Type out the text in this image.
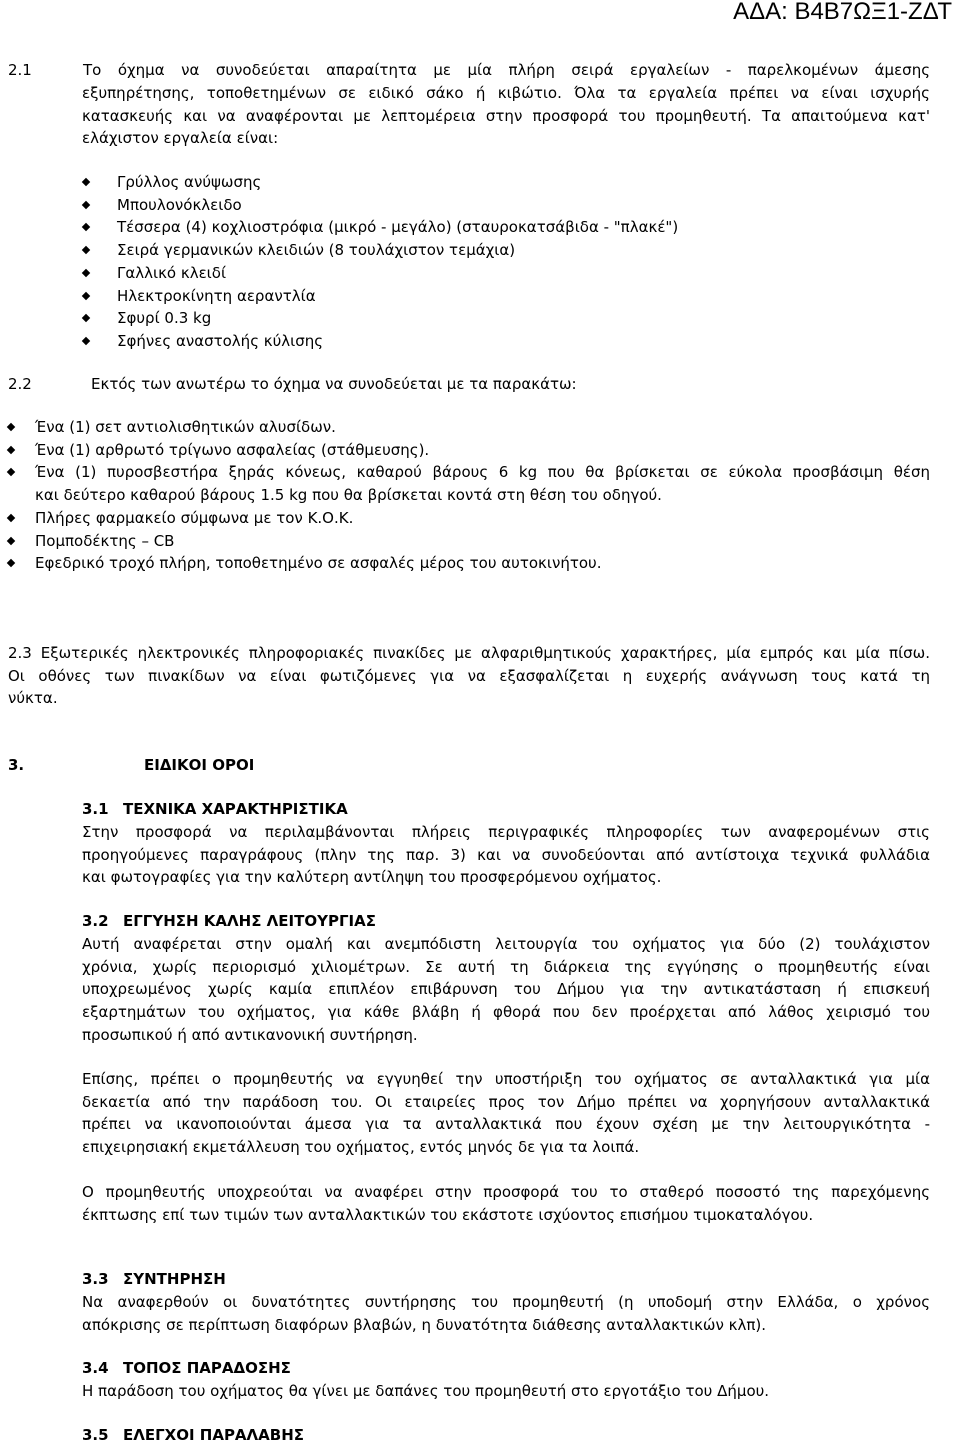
ΑΔΑ: Β4Β7ΩΞ1-ΖΔΤ
2.1	Το όχημα να συνοδεύεται απαραίτητα με μία πλήρη σειρά εργαλείων - παρελκομένων άμεσης
εξυπηρέτησης, τοποθετημένων σε ειδικό σάκο ή κιβώτιο. Όλα τα εργαλεία πρέπει να είναι ισχυρής
κατασκευής και να αναφέρονται με λεπτομέρεια στην προσφορά του προμηθευτή. Τα απαιτούμενα κατ'
ελάχιστον εργαλεία είναι:
Γρύλλος ανύψωσης
Μπουλονόκλειδο
Τέσσερα (4) κοχλιοστρόφια (μικρό - μεγάλο) (σταυροκατσάβιδα - "πλακέ")
Σειρά γερμανικών κλειδιών (8 τουλάχιστον τεμάχια)
Γαλλικό κλειδί
Ηλεκτροκίνητη αεραντλία
Σφυρί 0.3 kg
Σφήνες αναστολής κύλισης
2.2	Εκτός των ανωτέρω το όχημα να συνοδεύεται με τα παρακάτω:
Ένα (1) σετ αντιολισθητικών αλυσίδων.
Ένα (1) αρθρωτό τρίγωνο ασφαλείας (στάθμευσης).
Ένα (1) πυροσβεστήρα ξηράς κόνεως, καθαρού βάρους 6 kg που θα βρίσκεται σε εύκολα προσβάσιμη θέση
και δεύτερο καθαρού βάρους 1.5 kg που θα βρίσκεται κοντά στη θέση του οδηγού.
Πλήρες φαρμακείο σύμφωνα με τον Κ.Ο.Κ.
Πομποδέκτης – CB
Εφεδρικό τροχό πλήρη, τοποθετημένο σε ασφαλές μέρος του αυτοκινήτου.
2.3 Εξωτερικές ηλεκτρονικές πληροφοριακές πινακίδες με αλφαριθμητικούς χαρακτήρες, μία εμπρός και μία πίσω.
Οι οθόνες των πινακίδων να είναι φωτιζόμενες για να εξασφαλίζεται η ευχερής ανάγνωση τους κατά τη
νύκτα.
3.	ΕΙΔΙΚΟΙ ΟΡΟΙ
3.1 ΤΕΧΝΙΚΑ ΧΑΡΑΚΤΗΡΙΣΤΙΚΑ
Στην προσφορά να περιλαμβάνονται πλήρεις περιγραφικές πληροφορίες των αναφερομένων στις
προηγούμενες παραγράφους (πλην της παρ. 3) και να συνοδεύονται από αντίστοιχα τεχνικά φυλλάδια
και φωτογραφίες για την καλύτερη αντίληψη του προσφερόμενου οχήματος.
3.2 ΕΓΓΥΗΣΗ ΚΑΛΗΣ ΛΕΙΤΟΥΡΓΙΑΣ
Αυτή αναφέρεται στην ομαλή και ανεμπόδιστη λειτουργία του οχήματος για δύο (2) τουλάχιστον
χρόνια, χωρίς περιορισμό χιλιομέτρων. Σε αυτή τη διάρκεια της εγγύησης ο προμηθευτής είναι
υποχρεωμένος χωρίς καμία επιπλέον επιβάρυνση του Δήμου για την αντικατάσταση ή επισκευή
εξαρτημάτων του οχήματος, για κάθε βλάβη ή φθορά που δεν προέρχεται από λάθος χειρισμό του
προσωπικού ή από αντικανονική συντήρηση.
Επίσης, πρέπει ο προμηθευτής να εγγυηθεί την υποστήριξη του οχήματος σε ανταλλακτικά για μία
δεκαετία από την παράδοση του. Οι εταιρείες προς τον Δήμο πρέπει να χορηγήσουν ανταλλακτικά
πρέπει να ικανοποιούνται άμεσα για τα ανταλλακτικά που έχουν σχέση με την λειτουργικότητα -
επιχειρησιακή εκμετάλλευση του οχήματος, εντός μηνός δε για τα λοιπά.
Ο προμηθευτής υποχρεούται να αναφέρει στην προσφορά του το σταθερό ποσοστό της παρεχόμενης
έκπτωσης επί των τιμών των ανταλλακτικών του εκάστοτε ισχύοντος επισήμου τιμοκαταλόγου.
3.3 ΣΥΝΤΗΡΗΣΗ
Να αναφερθούν οι δυνατότητες συντήρησης του προμηθευτή (η υποδομή στην Ελλάδα, ο χρόνος
απόκρισης σε περίπτωση διαφόρων βλαβών, η δυνατότητα διάθεσης ανταλλακτικών κλπ).
3.4 ΤΟΠΟΣ ΠΑΡΑΔΟΣΗΣ
Η παράδοση του οχήματος θα γίνει με δαπάνες του προμηθευτή στο εργοτάξιο του Δήμου.
3.5 ΕΛΕΓΧΟΙ ΠΑΡΑΛΑΒΗΣ
